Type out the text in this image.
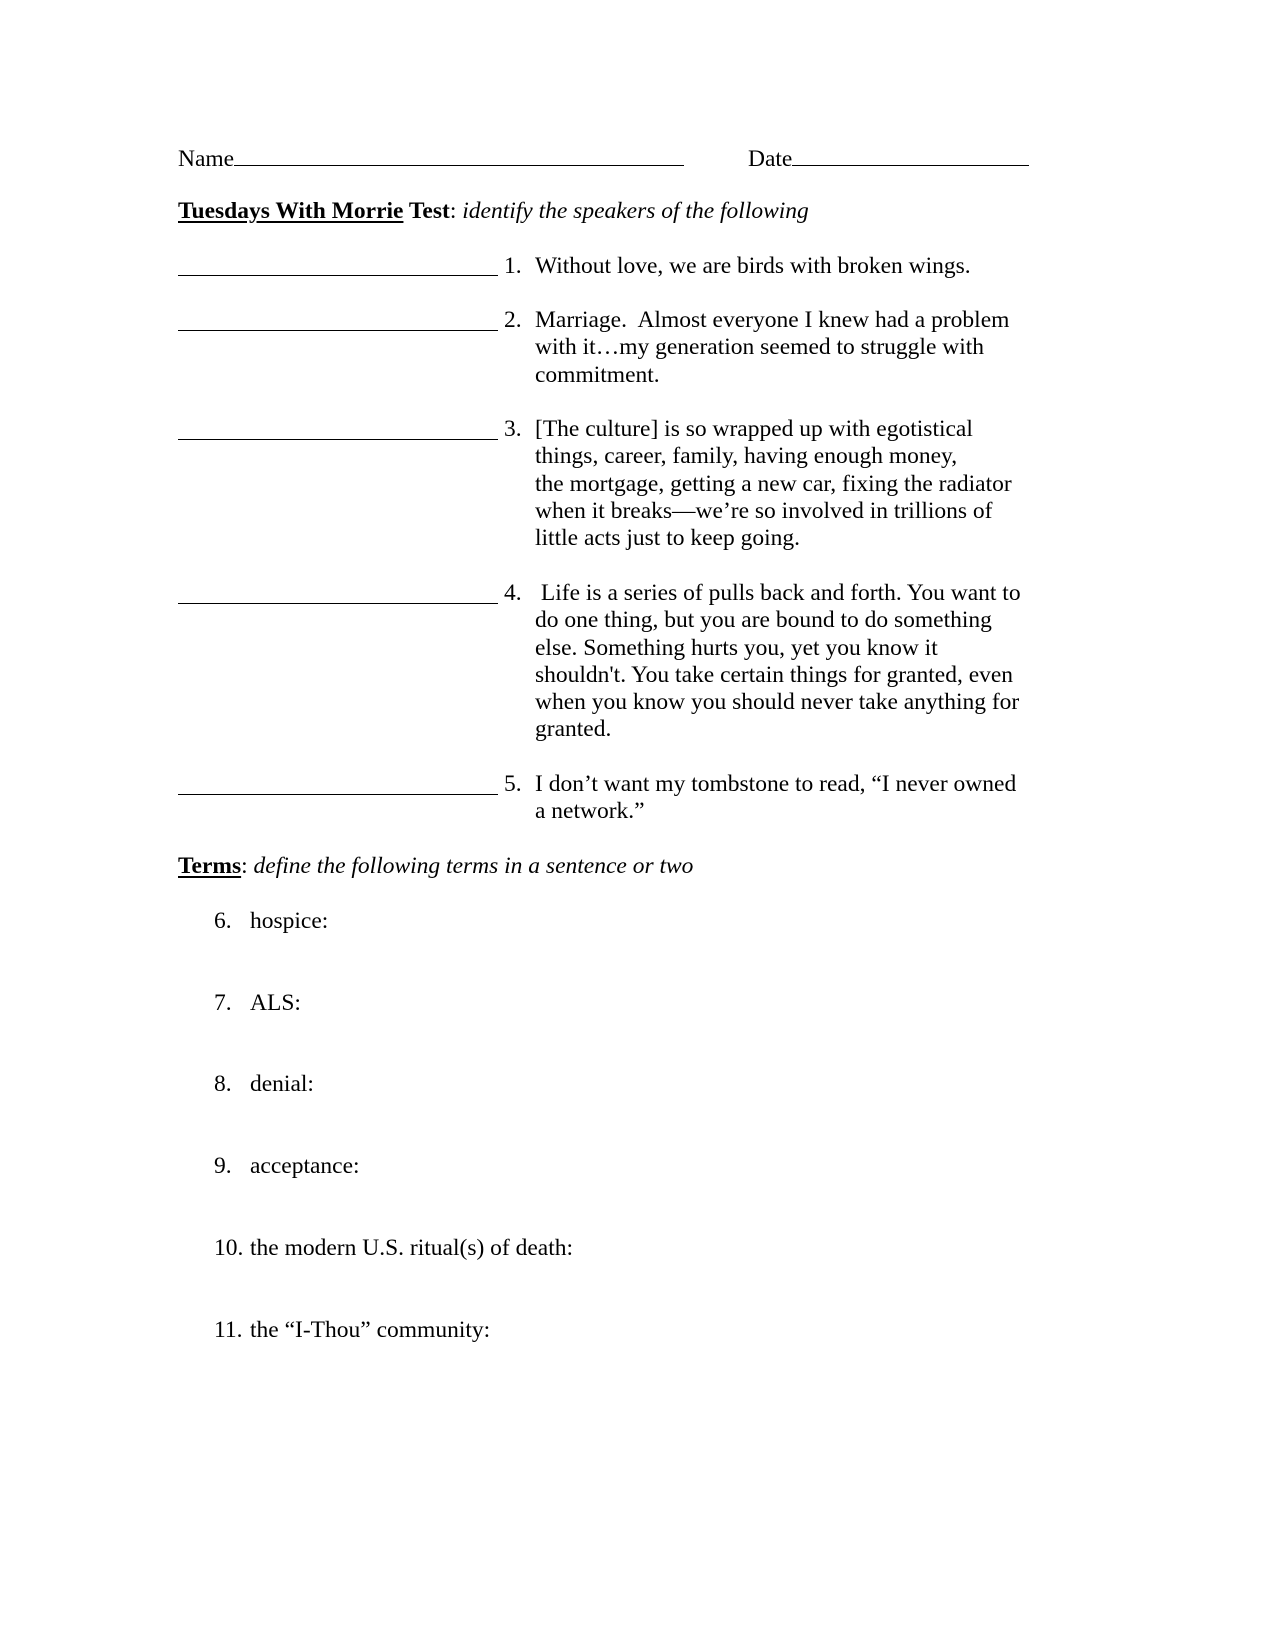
Name	Date
Tuesdays With Morrie Test: identify the speakers of the following
1. Without love, we are birds with broken wings.
2. Marriage.  Almost everyone I knew had a problem
with it…my generation seemed to struggle with
commitment.
3. [The culture] is so wrapped up with egotistical
things, career, family, having enough money,
the mortgage, getting a new car, fixing the radiator
when it breaks—we’re so involved in trillions of
little acts just to keep going.
4. Life is a series of pulls back and forth. You want to
do one thing, but you are bound to do something
else. Something hurts you, yet you know it
shouldn't. You take certain things for granted, even
when you know you should never take anything for
granted.
5. I don’t want my tombstone to read, “I never owned
a network.”
Terms: define the following terms in a sentence or two
6. hospice:
7. ALS:
8. denial:
9. acceptance:
10. the modern U.S. ritual(s) of death:
11. the “I-Thou” community:
